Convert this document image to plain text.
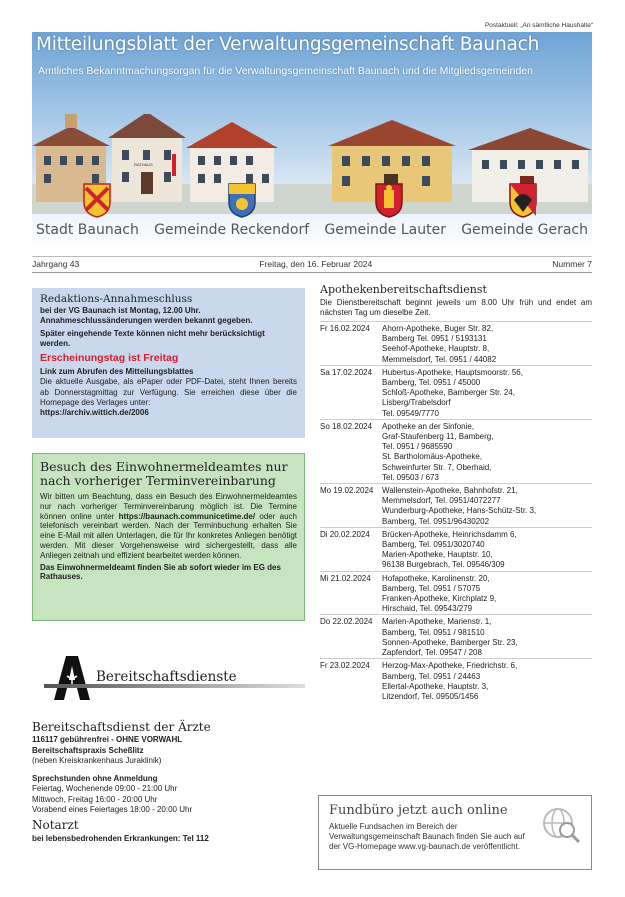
Postaktuell: „An sämtliche Haushalte“
Mitteilungsblatt der Verwaltungsgemeinschaft Baunach
Amtliches Bekanntmachungsorgan für die Verwaltungsgemeinschaft Baunach und die Mitgliedsgemeinden
RATHAUS
Stadt Baunach Gemeinde Reckendorf Gemeinde Lauter Gemeinde Gerach
Jahrgang 43	Freitag, den 16. Februar 2024	Nummer 7
Redaktions-Annahmeschluss
bei der VG Baunach ist Montag, 12.00 Uhr. Annahmeschlussänderungen werden bekannt gegeben.
Später eingehende Texte können nicht mehr berücksichtigt werden.
Erscheinungstag ist Freitag
Link zum Abrufen des Mitteilungsblattes
Die aktuelle Ausgabe, als ePaper oder PDF-Datei, steht Ihnen bereits ab Donnerstagmittag zur Verfügung. Sie erreichen diese über die Homepage des Verlages unter:
https://archiv.wittich.de/2006
Besuch des Einwohnermeldeamtes nur nach vorheriger Terminvereinbarung
Wir bitten um Beachtung, dass ein Besuch des Einwohnermeldeamtes nur nach vorheriger Terminvereinbarung möglich ist. Die Termine können online unter https://baunach.communicetime.de/ oder auch telefonisch vereinbart werden. Nach der Terminbuchung erhalten Sie eine E-Mail mit allen Unterlagen, die für Ihr konkretes Anliegen benötigt werden. Mit dieser Vorgehensweise wird sichergestellt, dass alle Anliegen zeitnah und effizient bearbeitet werden können.
Das Einwohnermeldeamt finden Sie ab sofort wieder im EG des Rathauses.
Bereitschaftsdienste
Bereitschaftsdienst der Ärzte
116117 gebührenfrei - OHNE VORWAHL
Bereitschaftspraxis Scheßlitz
(neben Kreiskrankenhaus Juraklinik)
Sprechstunden ohne Anmeldung
Feiertag, Wochenende 09:00 - 21:00 Uhr
Mittwoch, Freitag 16:00 - 20:00 Uhr
Vorabend eines Feiertages 18:00 - 20:00 Uhr
Notarzt
bei lebensbedrohenden Erkrankungen: Tel 112
Apothekenbereitschaftsdienst
Die Dienstbereitschaft beginnt jeweils um 8.00 Uhr früh und endet am nächsten Tag um dieselbe Zeit.
Fr 16.02.2024	Ahorn-Apotheke, Buger Str. 82,
Bamberg Tel. 0951 / 5193131
Seehof-Apotheke, Hauptstr. 8,
Memmelsdorf, Tel. 0951 / 44082
Sa 17.02.2024	Hubertus-Apotheke, Hauptsmoorstr. 56,
Bamberg, Tel. 0951 / 45000
Schloß-Apotheke, Bamberger Str. 24,
Lisberg/Trabelsdorf
Tel. 09549/7770
So 18.02.2024	Apotheke an der Sinfonie,
Graf-Staufenberg 11, Bamberg,
Tel. 0951 / 9685590
St. Bartholomäus-Apotheke,
Schweinfurter Str. 7, Oberhaid,
Tel. 09503 / 673
Mo 19.02.2024	Wallenstein-Apotheke, Bahnhofstr. 21,
Memmelsdorf, Tel. 0951/4072277
Wunderburg-Apotheke, Hans-Schütz-Str. 3,
Bamberg, Tel. 0951/96430202
Di 20.02.2024	Brücken-Apotheke, Heinrichsdamm 6,
Bamberg, Tel. 0951/3020740
Marien-Apotheke, Hauptstr. 10,
96138 Burgebrach, Tel. 09546/309
Mi 21.02.2024	Hofapotheke, Karolinenstr. 20,
Bamberg, Tel. 0951 / 57075
Franken-Apotheke, Kirchplatz 9,
Hirschaid, Tel. 09543/279
Do 22.02.2024	Marien-Apotheke, Marienstr. 1,
Bamberg, Tel. 0951 / 981510
Sonnen-Apotheke, Bamberger Str. 23,
Zapfendorf, Tel. 09547 / 208
Fr 23.02.2024	Herzog-Max-Apotheke, Friedrichstr. 6,
Bamberg, Tel. 0951 / 24463
Ellertal-Apotheke, Hauptstr. 3,
Litzendorf, Tel. 09505/1456
Fundbüro jetzt auch online

Aktuelle Fundsachen im Bereich der Verwaltungsgemeinschaft Baunach finden Sie auch auf der VG-Homepage www.vg-baunach.de veröffentlicht.
